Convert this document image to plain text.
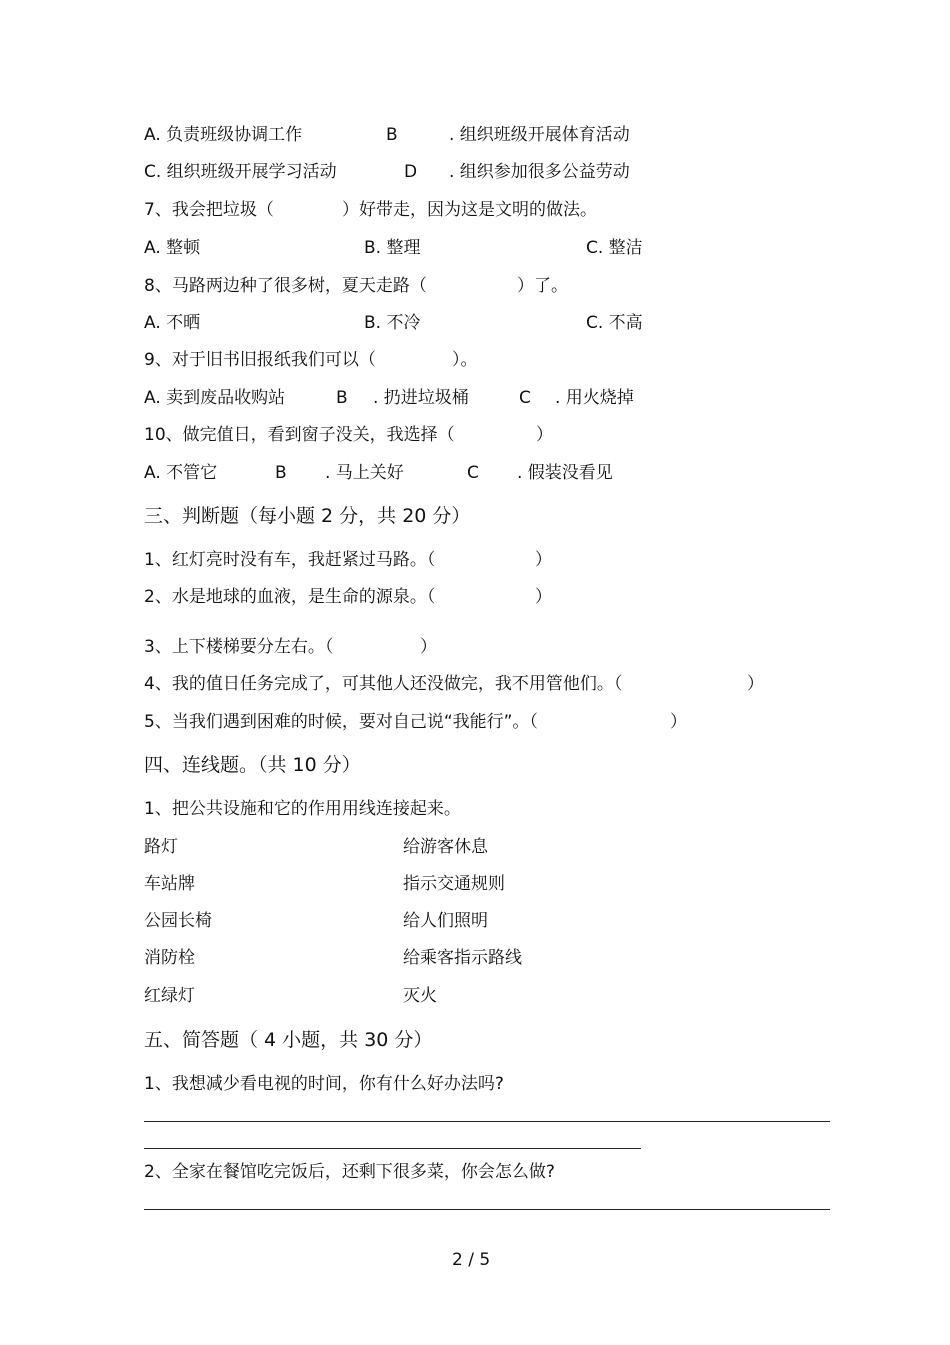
A. 负责班级协调工作	B	. 组织班级开展体育活动
C. 组织班级开展学习活动	D . 组织参加很多公益劳动
7、我会把垃圾（	）好带走，因为这是文明的做法。
A. 整顿	B. 整理	C. 整洁
8、马路两边种了很多树，夏天走路（	）了。
A. 不晒	B. 不冷	C. 不高
9、对于旧书旧报纸我们可以（	）。
A. 卖到废品收购站	B . 扔进垃圾桶	C . 用火烧掉
10、做完值日，看到窗子没关，我选择（	）
A. 不管它	B . 马上关好	C . 假装没看见
三、判断题（每小题 2 分，共 20 分）
1、红灯亮时没有车，我赶紧过马路。（	）
2、水是地球的血液，是生命的源泉。（	）
3、上下楼梯要分左右。（	）
4、我的值日任务完成了，可其他人还没做完，我不用管他们。（	）
5、当我们遇到困难的时候，要对自己说“我能行”。（	）
四、连线题。（共 10 分）
1、把公共设施和它的作用用线连接起来。
路灯	给游客休息
车站牌	指示交通规则
公园长椅	给人们照明
消防栓	给乘客指示路线
红绿灯	灭火
五、简答题（ 4 小题，共 30 分）
1、我想减少看电视的时间，你有什么好办法吗?
2、全家在餐馆吃完饭后，还剩下很多菜，你会怎么做?
2 / 5
